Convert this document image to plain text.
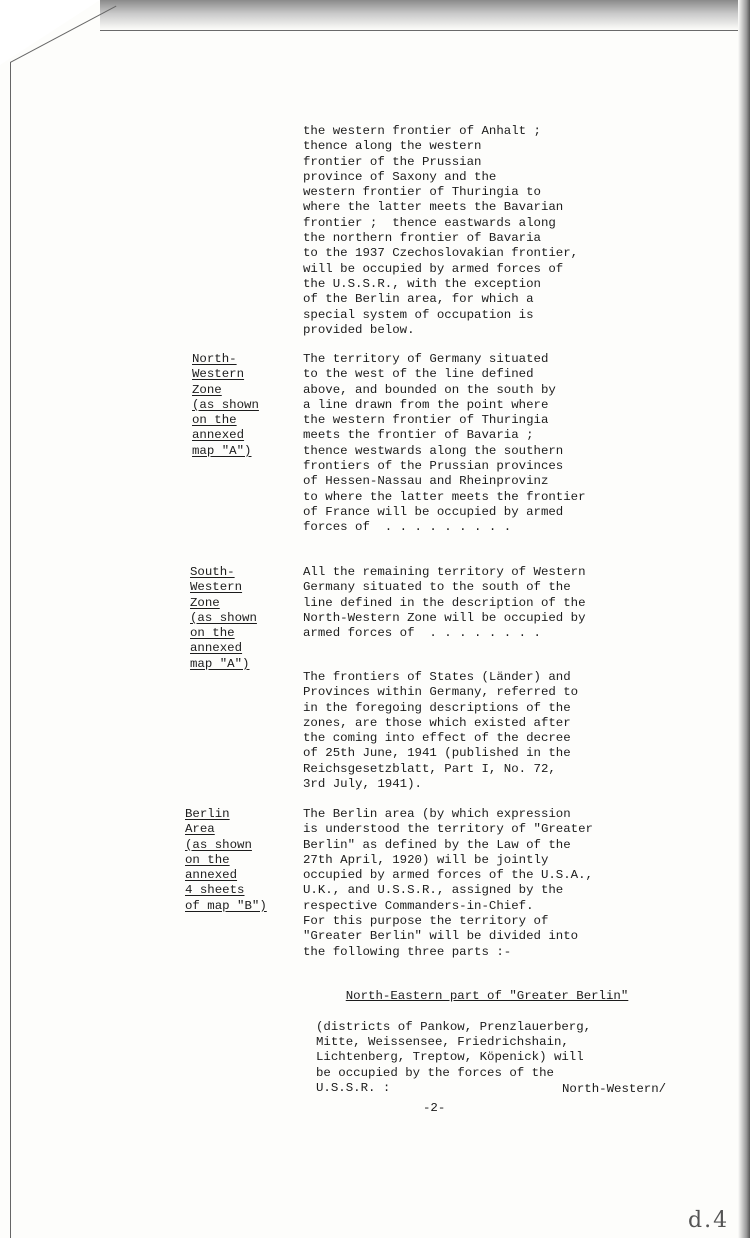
the western frontier of Anhalt ;
thence along the western
frontier of the Prussian
province of Saxony and the
western frontier of Thuringia to
where the latter meets the Bavarian
frontier ;  thence eastwards along
the northern frontier of Bavaria
to the 1937 Czechoslovakian frontier,
will be occupied by armed forces of
the U.S.S.R., with the exception
of the Berlin area, for which a
special system of occupation is
provided below.
North-
Western
Zone
(as shown
on the
annexed
map "A")
The territory of Germany situated
to the west of the line defined
above, and bounded on the south by
a line drawn from the point where
the western frontier of Thuringia
meets the frontier of Bavaria ;
thence westwards along the southern
frontiers of the Prussian provinces
of Hessen-Nassau and Rheinprovinz
to where the latter meets the frontier
of France will be occupied by armed
forces of  . . . . . . . . .
South-
Western
Zone
(as shown
on the
annexed
map "A")
All the remaining territory of Western
Germany situated to the south of the
line defined in the description of the
North-Western Zone will be occupied by
armed forces of  . . . . . . . .
The frontiers of States (Länder) and
Provinces within Germany, referred to
in the foregoing descriptions of the
zones, are those which existed after
the coming into effect of the decree
of 25th June, 1941 (published in the
Reichsgesetzblatt, Part I, No. 72,
3rd July, 1941).
Berlin
Area
(as shown
on the
annexed
4 sheets
of map "B")
The Berlin area (by which expression
is understood the territory of "Greater
Berlin" as defined by the Law of the
27th April, 1920) will be jointly
occupied by armed forces of the U.S.A.,
U.K., and U.S.S.R., assigned by the
respective Commanders-in-Chief.
For this purpose the territory of
"Greater Berlin" will be divided into
the following three parts :-

North-Eastern part of "Greater Berlin"

(districts of Pankow, Prenzlauerberg,
Mitte, Weissensee, Friedrichshain,
Lichtenberg, Treptow, Köpenick) will
be occupied by the forces of the
U.S.S.R. :

	North-Western/
-2-
d.4
